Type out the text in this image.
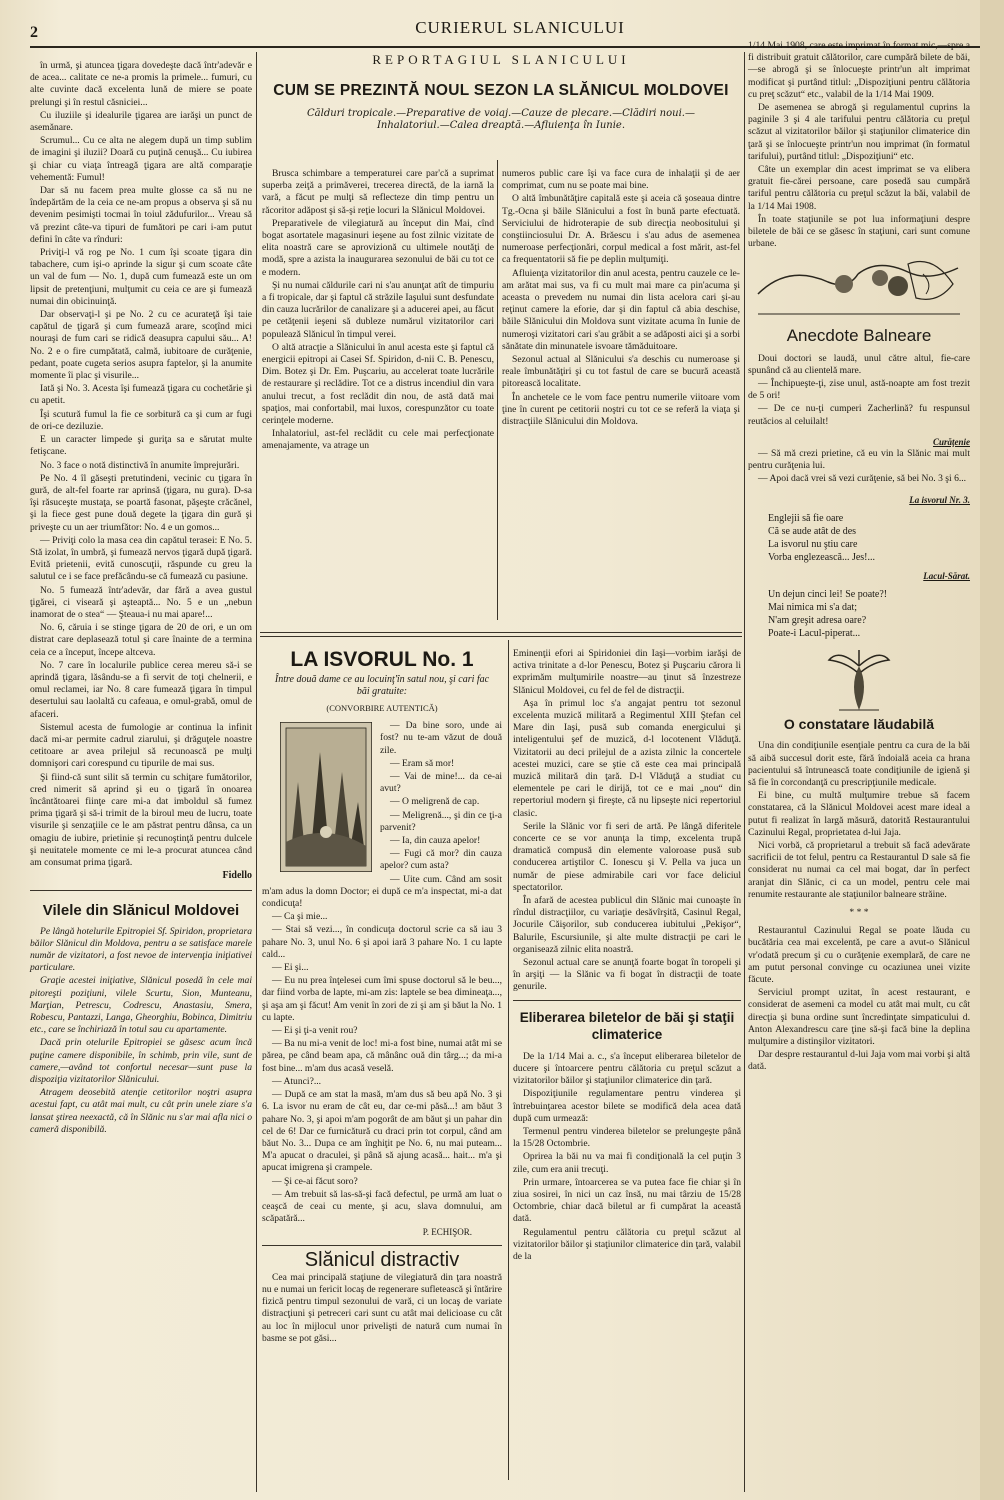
2	CURIERUL SLANICULUI

în urmă, şi atuncea ţigara dovedeşte dacă într'adevăr e de acea... calitate ce ne-a promis la primele... fumuri, cu alte cuvinte dacă excelenta lună de miere se poate prelungi şi în restul căsniciei...

Cu iluziile şi idealurile ţigarea are iarăşi un punct de asemănare.

Scrumul... Cu ce alta ne alegem după un timp sublim de imagini şi iluzii? Doară cu puţină cenuşă... Cu iubirea şi chiar cu viaţa întreagă ţigara are altă comparaţie vehementă: Fumul!

Dar să nu facem prea multe glosse ca să nu ne îndepărtăm de la ceia ce ne-am propus a observa şi să nu devenim pesimişti tocmai în toiul zădufurilor... Vreau să vă prezint câte-va tipuri de fumători pe cari i-am putut defini în câte va rînduri:

Priviţi-l vă rog pe No. 1 cum îşi scoate ţigara din tabachere, cum işi-o aprinde la sigur şi cum scoate câte un val de fum — No. 1, după cum fumează este un om lipsit de pretenţiuni, mulţumit cu ceia ce are şi fumează numai din obicinuinţă.

Dar observaţi-l şi pe No. 2 cu ce acurateţă îşi taie capătul de ţigară şi cum fumează arare, scoţînd mici nouraşi de fum cari se ridică deasupra capului său... A! No. 2 e o fire cumpătată, calmă, iubitoare de curăţenie, pedant, poate cugeta serios asupra faptelor, şi la anumite momente îi plac şi visurile...

Iată şi No. 3. Acesta îşi fumează ţigara cu cochetărie şi cu apetit.

Îşi scutură fumul la fie ce sorbitură ca şi cum ar fugi de ori-ce deziluzie.

E un caracter limpede şi guriţa sa e sărutat multe fetişcane.

No. 3 face o notă distinctivă în anumite împrejurări.

Pe No. 4 îl găseşti pretutindeni, vecinic cu ţigara în gură, de alt-fel foarte rar aprinsă (ţigara, nu gura). D-sa îşi răsuceşte mustaţa, se poartă fasonat, păşeşte crăcănel, şi la fiece gest pune două degete la ţigara din gură şi priveşte cu un aer triumfător: No. 4 e un gomos...

— Priviţi colo la masa cea din capătul terasei: E No. 5. Stă izolat, în umbră, şi fumează nervos ţigară după ţigară. Evită prietenii, evită cunoscuţii, răspunde cu greu la salutul ce i se face prefăcându-se că fumează cu pasiune.

No. 5 fumează într'adevăr, dar fără a avea gustul ţigărei, ci viseară şi aşteaptă... No. 5 e un „nebun inamorat de o stea“ — Şteaua-i nu mai apare!...

No. 6, căruia i se stinge ţigara de 20 de ori, e un om distrat care deplasează totul şi care înainte de a termina ceia ce a început, începe altceva.

No. 7 care în localurile publice cerea mereu să-i se aprindă ţigara, lăsându-se a fi servit de toţi chelnerii, e omul reclamei, iar No. 8 care fumează ţigara în timpul desertului sau laolaltă cu cafeaua, e omul-grabă, omul de afaceri.

Sistemul acesta de fumologie ar continua la infinit dacă mi-ar permite cadrul ziarului, şi drăguţele noastre cetitoare ar avea prilejul să recunoască pe mulţi domnişori cari corespund cu tipurile de mai sus.

Şi fiind-că sunt silit să termin cu schiţare fumătorilor, cred nimerit să aprind şi eu o ţigară în onoarea încântătoarei fiinţe care mi-a dat imboldul să fumez prima ţigară şi să-i trimit de la biroul meu de lucru, toate visurile şi senzaţiile ce le am păstrat pentru dânsa, ca un omagiu de iubire, prietinie şi recunoştinţă pentru dulcele şi neuitatele momente ce mi le-a procurat atuncea când am consumat prima ţigară.

Fidello
Vilele din Slănicul Moldovei

Pe lângă hotelurile Epitropiei Sf. Spiridon, proprietara băilor Slănicul din Moldova, pentru a se satisface marele număr de vizitatori, a fost nevoe de intervenţia iniţiativei particulare.

Graţie acestei iniţiative, Slănicul posedă în cele mai pitoreşti poziţiuni, vilele Scurtu, Sion, Munteanu, Marţian, Petrescu, Codrescu, Anastasiu, Smera, Robescu, Pantazzi, Langa, Gheorghiu, Bobinca, Dimitriu etc., care se închiriază în totul sau cu apartamente.

Dacă prin otelurile Epitropiei se găsesc acum încă puţine camere disponibile, în schimb, prin vile, sunt de camere,—având tot confortul necesar—sunt puse la dispoziţia vizitatorilor Slănicului.

Atragem deosebită atenţie cetitorilor noştri asupra acestui fapt, cu atât mai mult, cu cât prin unele ziare s'a lansat ştirea neexactă, că în Slănic nu s'ar mai afla nici o cameră disponibilă.

REPORTAGIUL SLANICULUI
CUM SE PREZINTĂ NOUL SEZON LA SLĂNICUL MOLDOVEI
Călduri tropicale.—Preparative de voiaj.—Cauze de plecare.—Clădiri noui.—Inhalatoriul.—Calea dreaptă.—Afluienţa în Iunie.

Brusca schimbare a temperaturei care par'că a suprimat superba zeiţă a primăverei, trecerea directă, de la iarnă la vară, a făcut pe mulţi să reflecteze din timp pentru un răcoritor adăpost şi să-şi reţie locuri la Slănicul Moldovei.

Preparativele de vilegiatură au început din Mai, cînd bogat asortatele magasinuri ieşene au fost zilnic vizitate de elita noastră care se aprovizionă cu ultimele noutăţi de modă, spre a azista la inaugurarea sezonului de băi cu tot ce e modern.

Şi nu numai căldurile cari ni s'au anunţat atît de timpuriu a fi tropicale, dar şi faptul că străzile Iaşului sunt desfundate din cauza lucrărilor de canalizare şi a aducerei apei, au făcut pe cetăţenii ieşeni să dubleze numărul vizitatorilor cari populează Slănicul în timpul verei.

O altă atracţie a Slănicului în anul acesta este şi faptul că energicii epitropi ai Casei Sf. Spiridon, d-nii C. B. Penescu, Dim. Botez şi Dr. Em. Puşcariu, au accelerat toate lucrările de restaurare şi reclădire. Tot ce a distrus incendiul din vara anului trecut, a fost reclădit din nou, de astă dată mai spaţios, mai confortabil, mai luxos, corespunzător cu toate cerinţele moderne.

Inhalatoriul, ast-fel reclădit cu cele mai perfecţionate amenajamente, va atrage un

numeros public care îşi va face cura de inhalaţii şi de aer comprimat, cum nu se poate mai bine.

O altă îmbunătăţire capitală este şi aceia că şoseaua dintre Tg.-Ocna şi băile Slănicului a fost în bună parte efectuată. Serviciului de hidroterapie de sub direcţia neobositului şi conştiinciosului Dr. A. Brăescu i s'au adus de asemenea numeroase perfecţionări, corpul medical a fost mărit, ast-fel ca frequentatorii să fie pe deplin mulţumiţi.

Afluienţa vizitatorilor din anul acesta, pentru cauzele ce le-am arătat mai sus, va fi cu mult mai mare ca pin'acuma şi aceasta o prevedem nu numai din lista acelora cari şi-au reţinut camere la eforie, dar şi din faptul că abia deschise, băile Slănicului din Moldova sunt vizitate acuma în Iunie de numeroşi vizitatori cari s'au grăbit a se adăposti aici şi a sorbi sănătate din minunatele isvoare tămăduitoare.

Sezonul actual al Slănicului s'a deschis cu numeroase şi reale îmbunătăţiri şi cu tot fastul de care se bucură această pitorească localitate.

În anchetele ce le vom face pentru numerile viitoare vom ţine în curent pe cetitorii noştri cu tot ce se referă la viaţa şi distracţiile Slănicului din Moldova.

LA ISVORUL No. 1
Între două dame ce au locuinţ'în satul nou, şi cari fac băi gratuite:
(CONVORBIRE AUTENTICĂ)

— Da bine soro, unde ai fost? nu te-am văzut de două zile.

— Eram să mor!

— Vai de mine!... da ce-ai avut?

— O meligrenă de cap.

— Meligrenă..., şi din ce ţi-a parvenit?

— Ia, din cauza apelor!

— Fugi că mor? din cauza apelor? cum asta?

— Uite cum. Când am sosit m'am adus la domn Doctor; ei după ce m'a inspectat, mi-a dat condicuţa!

— Ca şi mie...

— Stai să vezi..., în condicuţa doctorul scrie ca să iau 3 pahare No. 3, unul No. 6 şi apoi iară 3 pahare No. 1 cu lapte cald...

— Ei şi...

— Eu nu prea înţelesei cum îmi spuse doctorul să le beu..., dar fiind vorba de lapte, mi-am zis: laptele se bea dimineaţa..., şi aşa am şi făcut! Am venit în zori de zi şi am şi băut la No. 1 cu lapte.

— Ei şi ţi-a venit rou?

— Ba nu mi-a venit de loc! mi-a fost bine, numai atât mi se părea, pe când beam apa, că mânânc ouă din târg...; da mi-a fost bine... m'am dus acasă veselă.

— Atunci?...

— După ce am stat la masă, m'am dus să beu apă No. 3 şi 6. La isvor nu eram de cât eu, dar ce-mi păsă...! am băut 3 pahare No. 3, şi apoi m'am pogorât de am băut şi un pahar din cel de 6! Dar ce furnicătură cu draci prin tot corpul, când am băut No. 3... Dupa ce am înghiţit pe No. 6, nu mai puteam... M'a apucat o draculei, şi până să ajung acasă... hait... m'a şi apucat imigrena şi crampele.

— Şi ce-ai făcut soro?

— Am trebuit să las-să-şi facă defectul, pe urmă am luat o ceaşcă de ceai cu mente, şi acu, slava domnului, am scăpatără...

P. ECHIŞOR.
Slănicul distractiv

Cea mai principală staţiune de vilegiatură din ţara noastră nu e numai un fericit locaş de regenerare sufletească şi întărire fizică pentru timpul sezonului de vară, ci un locaş de variate distracţiuni şi petreceri cari sunt cu atât mai delicioase cu cât au loc în mijlocul unor privelişti de natură cum numai în basme se pot găsi...

Eminenţii efori ai Spiridoniei din Iaşi—vorbim iarăşi de activa trinitate a d-lor Penescu, Botez şi Puşcariu cărora li exprimăm mulţumirile noastre—au ţinut să înzestreze Slănicul Moldovei, cu fel de fel de distracţii.

Aşa în primul loc s'a angajat pentru tot sezonul excelenta muzică militară a Regimentul XIII Ştefan cel Mare din Iaşi, pusă sub comanda energicului şi inteligentului şef de muzică, d-l locotenent Vlăduţă. Vizitatorii au deci prilejul de a azista zilnic la concertele acestei muzici, care se ştie că este cea mai principală muzică militară din ţară. D-l Vlăduţă a studiat cu elementele pe cari le dirijă, tot ce e mai „nou“ din repertoriul modern şi fireşte, că nu lipseşte nici repertoriul clasic.

Serile la Slănic vor fi seri de artă. Pe lângă diferitele concerte ce se vor anunţa la timp, excelenta trupă dramatică compusă din elemente valoroase pusă sub conducerea artiştilor C. Ionescu şi V. Pella va juca un număr de piese admirabile cari vor face deliciul spectatorilor.

În afară de acestea publicul din Slănic mai cunoaşte în rîndul distracţiilor, cu variaţie desăvîrşită, Casinul Regal, Jocurile Căişorilor, sub conducerea iubitului „Pekişor“, Balurile, Escursiunile, şi alte multe distracţii pe cari le organisează zilnic elita noastră.

Sezonul actual care se anunţă foarte bogat în toropeli şi în arşiţi — la Slănic va fi bogat în distracţii de toate genurile.

Eliberarea biletelor de băi şi staţii climaterice

De la 1/14 Mai a. c., s'a început eliberarea biletelor de ducere şi întoarcere pentru călătoria cu preţul scăzut a vizitatorilor băilor şi staţiunilor climaterice din ţară.

Dispoziţiunile regulamentare pentru vinderea şi întrebuinţarea acestor bilete se modifică dela acea dată după cum urmează:

Termenul pentru vinderea biletelor se prelungeşte până la 15/28 Octombrie.

Oprirea la băi nu va mai fi condiţională la cel puţin 3 zile, cum era anii trecuţi.

Prin urmare, întoarcerea se va putea face fie chiar şi în ziua sosirei, în nici un caz însă, nu mai târziu de 15/28 Octombrie, chiar dacă biletul ar fi cumpărat la această dată.

Regulamentul pentru călătoria cu preţul scăzut al vizitatorilor băilor şi staţiunilor climaterice din ţară, valabil de la

1/14 Mai 1908, care este imprimat în format mic,—spre a fi distribuit gratuit călătorilor, care cumpără bilete de băi,—se abrogă şi se înlocueşte printr'un alt imprimat modificat şi purtând titlul: „Dispoziţiuni pentru călătoria cu preţ scăzut“ etc., valabil de la 1/14 Mai 1909.

De asemenea se abrogă şi regulamentul cuprins la paginile 3 şi 4 ale tarifului pentru călătoria cu preţul scăzut al vizitatorilor băilor şi staţiunilor climaterice din ţară şi se înlocueşte printr'un nou imprimat (în formatul tarifului), purtând titlul: „Dispoziţiuni“ etc.

Câte un exemplar din acest imprimat se va elibera gratuit fie-cărei persoane, care posedă sau cumpără tariful pentru călătoria cu preţul scăzut la băi, valabil de la 1/14 Mai 1908.

În toate staţiunile se pot lua informaţiuni despre biletele de băi ce se găsesc în staţiuni, cari sunt comune urbane.

Anecdote Balneare

Doui doctori se laudă, unul către altul, fie-care spunând că au clientelă mare.

— Închipueşte-ţi, zise unul, astă-noapte am fost trezit de 5 ori!

— De ce nu-ţi cumperi Zacherlină? fu respunsul reutăcios al celuilalt!

Curăţenie

— Să mă crezi prietine, că eu vin la Slănic mai mult pentru curăţenia lui.

— Apoi dacă vrei să vezi curăţenie, să bei No. 3 şi 6...

La isvorul Nr. 3.
Englejii să fie oare
Că se aude atât de des
La isvorul nu ştiu care
Vorba englezească... Jes!...
Lacul-Sărat.
Un dejun cinci lei! Se poate?!
Mai nimica mi s'a dat;
N'am greşit adresa oare?
Poate-i Lacul-piperat...
O constatare lăudabilă

Una din condiţiunile esenţiale pentru ca cura de la băi să aibă succesul dorit este, fără îndoială aceia ca hrana pacientului să întrunească toate condiţiunile de igienă şi să fie în corcondanţă cu prescripţiunile medicale.

Ei bine, cu multă mulţumire trebue să facem constatarea, că la Slănicul Moldovei acest mare ideal a putut fi realizat în largă măsură, datorită Restaurantului Cazinului Regal, proprietatea d-lui Jaja.

Nici vorbă, că proprietarul a trebuit să facă adevărate sacrificii de tot felul, pentru ca Restaurantul D sale să fie considerat nu numai ca cel mai bogat, dar în perfect aranjat din Slănic, ci ca un model, pentru cele mai renumite restaurante ale staţiunilor balneare străine.

* * *

Restaurantul Cazinului Regal se poate lăuda cu bucătăria cea mai excelentă, pe care a avut-o Slănicul vr'odată precum şi cu o curăţenie exemplară, de care ne am putut personal convinge cu ocaziunea unei vizite făcute.

Serviciul prompt uzitat, în acest restaurant, e considerat de asemeni ca model cu atât mai mult, cu cât direcţia şi buna ordine sunt încredinţate simpaticului d. Anton Alexandrescu care ţine să-şi facă bine la deplina mulţumire a distinşilor vizitatori.

Dar despre restaurantul d-lui Jaja vom mai vorbi şi altă dată.
